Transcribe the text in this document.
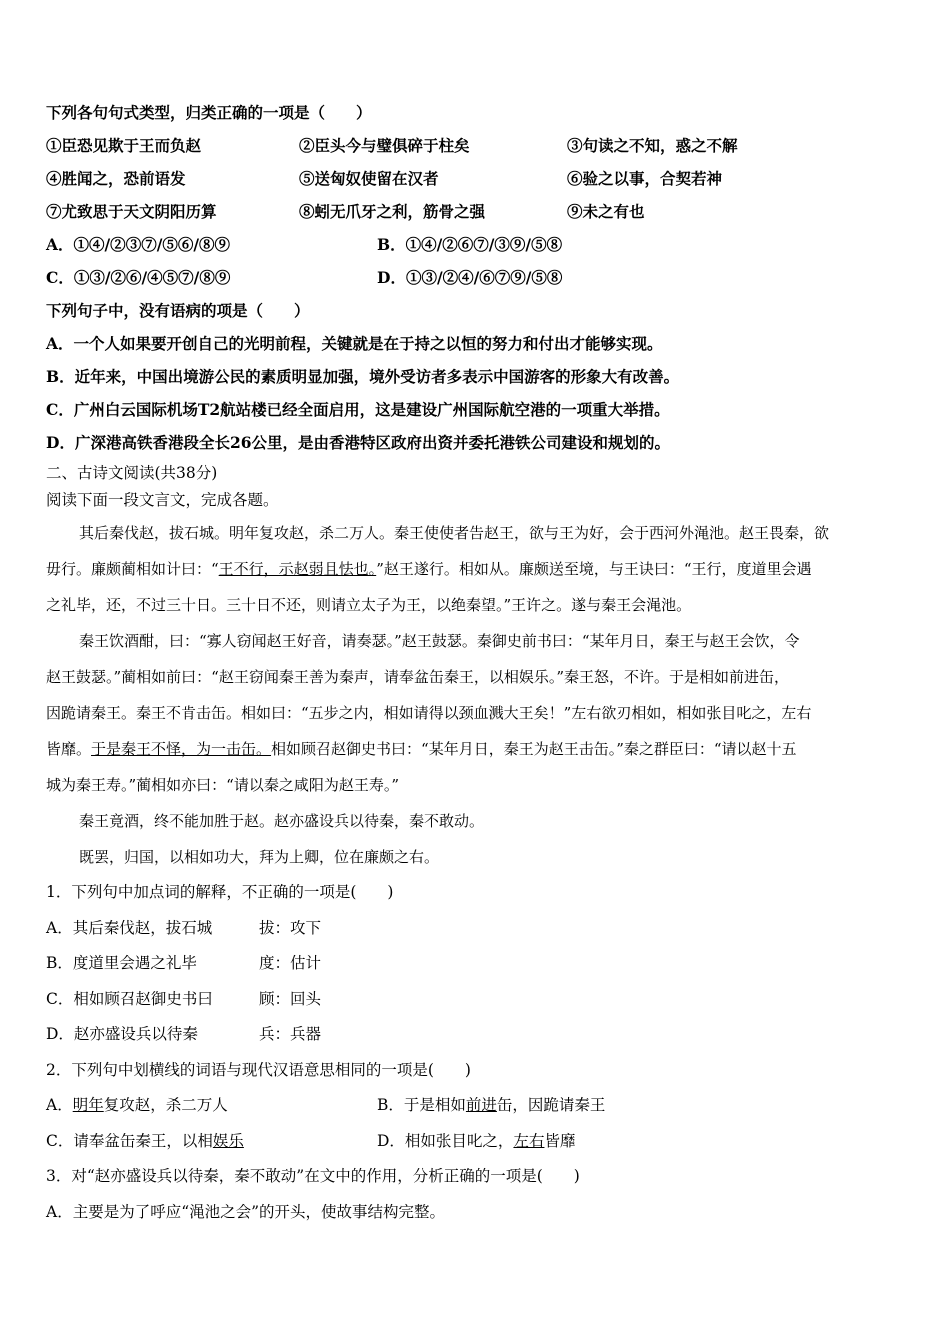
下列各句句式类型，归类正确的一项是（　　）
①臣恐见欺于王而负赵	②臣头今与璧俱碎于柱矣	③句读之不知，惑之不解
④胜闻之，恐前语发	⑤送匈奴使留在汉者	⑥验之以事，合契若神
⑦尤致思于天文阴阳历算	⑧蚓无爪牙之利，筋骨之强	⑨未之有也
A．①④/②③⑦/⑤⑥/⑧⑨	B．①④/②⑥⑦/③⑨/⑤⑧
C．①③/②⑥/④⑤⑦/⑧⑨	D．①③/②④/⑥⑦⑨/⑤⑧
下列句子中，没有语病的项是（　　）
A．一个人如果要开创自己的光明前程，关键就是在于持之以恒的努力和付出才能够实现。
B．近年来，中国出境游公民的素质明显加强，境外受访者多表示中国游客的形象大有改善。
C．广州白云国际机场T2航站楼已经全面启用，这是建设广州国际航空港的一项重大举措。
D．广深港高铁香港段全长26公里，是由香港特区政府出资并委托港铁公司建设和规划的。
二、古诗文阅读(共38分)
阅读下面一段文言文，完成各题。
其后秦伐赵，拔石城。明年复攻赵，杀二万人。秦王使使者告赵王，欲与王为好，会于西河外渑池。赵王畏秦，欲
毋行。廉颇蔺相如计曰：“王不行，示赵弱且怯也。”赵王遂行。相如从。廉颇送至境，与王诀曰：“王行，度道里会遇
之礼毕，还，不过三十日。三十日不还，则请立太子为王，以绝秦望。”王许之。遂与秦王会渑池。
秦王饮酒酣，曰：“寡人窃闻赵王好音，请奏瑟。”赵王鼓瑟。秦御史前书曰：“某年月日，秦王与赵王会饮，令
赵王鼓瑟。”蔺相如前曰：“赵王窃闻秦王善为秦声，请奉盆缶秦王，以相娱乐。”秦王怒，不许。于是相如前进缶，
因跪请秦王。秦王不肯击缶。相如曰：“五步之内，相如请得以颈血溅大王矣！”左右欲刃相如，相如张目叱之，左右
皆靡。于是秦王不怿，为一击缶。相如顾召赵御史书曰：“某年月日，秦王为赵王击缶。”秦之群臣曰：“请以赵十五
城为秦王寿。”蔺相如亦曰：“请以秦之咸阳为赵王寿。”
秦王竟酒，终不能加胜于赵。赵亦盛设兵以待秦，秦不敢动。
既罢，归国，以相如功大，拜为上卿，位在廉颇之右。
1．下列句中加点词的解释，不正确的一项是(　　)
A．其后秦伐赵，拔石城	拔：攻下
B．度道里会遇之礼毕	度：估计
C．相如顾召赵御史书曰	顾：回头
D．赵亦盛设兵以待秦	兵：兵器
2．下列句中划横线的词语与现代汉语意思相同的一项是(　　)
A．明年复攻赵，杀二万人	B．于是相如前进缶，因跪请秦王
C．请奉盆缶秦王，以相娱乐	D．相如张目叱之，左右皆靡
3．对“赵亦盛设兵以待秦，秦不敢动”在文中的作用，分析正确的一项是(　　)
A．主要是为了呼应“渑池之会”的开头，使故事结构完整。
